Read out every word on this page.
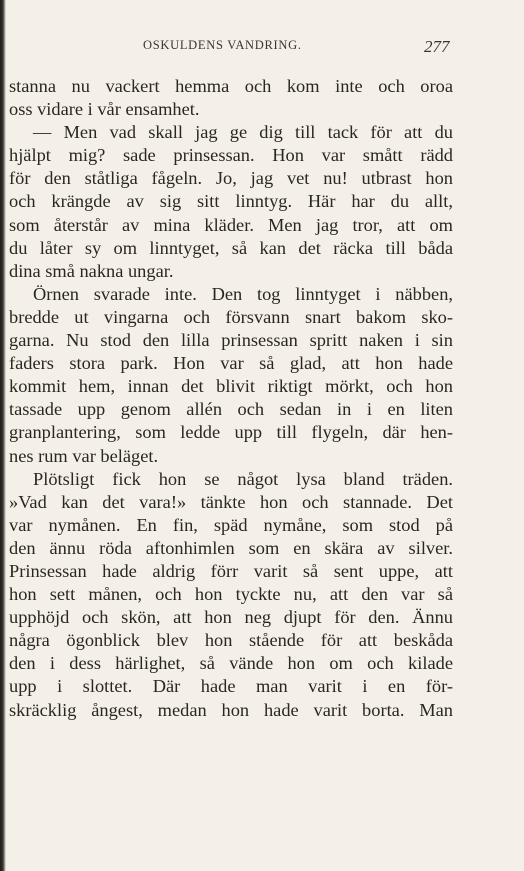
OSKULDENS VANDRING.	277
stanna nu vackert hemma och kom inte och oroa
oss vidare i vår ensamhet.
— Men vad skall jag ge dig till tack för att du
hjälpt mig? sade prinsessan. Hon var smått rädd
för den ståtliga fågeln. Jo, jag vet nu! utbrast hon
och krängde av sig sitt linntyg. Här har du allt,
som återstår av mina kläder. Men jag tror, att om
du låter sy om linntyget, så kan det räcka till båda
dina små nakna ungar.
Örnen svarade inte. Den tog linntyget i näbben,
bredde ut vingarna och försvann snart bakom sko-
garna. Nu stod den lilla prinsessan spritt naken i sin
faders stora park. Hon var så glad, att hon hade
kommit hem, innan det blivit riktigt mörkt, och hon
tassade upp genom allén och sedan in i en liten
granplantering, som ledde upp till flygeln, där hen-
nes rum var beläget.
Plötsligt fick hon se något lysa bland träden.
»Vad kan det vara!» tänkte hon och stannade. Det
var nymånen. En fin, späd nymåne, som stod på
den ännu röda aftonhimlen som en skära av silver.
Prinsessan hade aldrig förr varit så sent uppe, att
hon sett månen, och hon tyckte nu, att den var så
upphöjd och skön, att hon neg djupt för den. Ännu
några ögonblick blev hon stående för att beskåda
den i dess härlighet, så vände hon om och kilade
upp i slottet. Där hade man varit i en för-
skräcklig ångest, medan hon hade varit borta. Man
